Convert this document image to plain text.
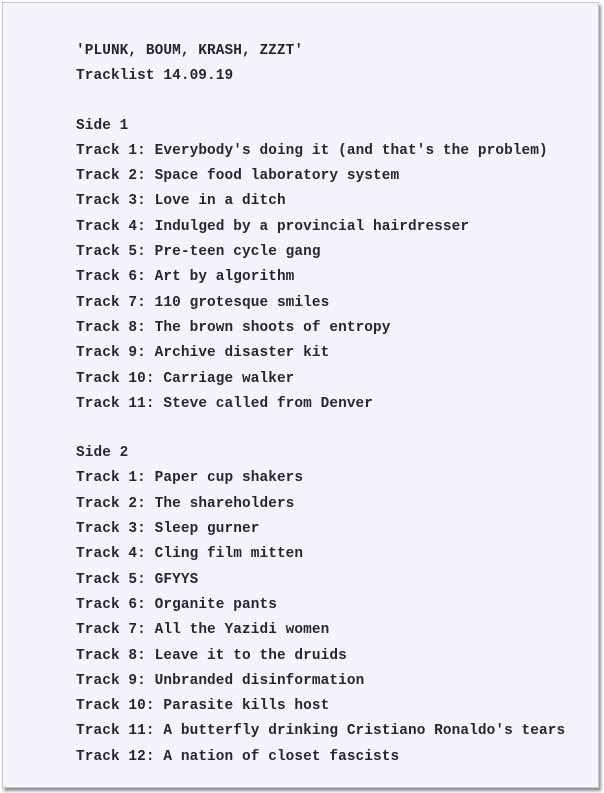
'PLUNK, BOUM, KRASH, ZZZT'
Tracklist 14.09.19
Side 1
Track 1: Everybody's doing it (and that's the problem)
Track 2: Space food laboratory system
Track 3: Love in a ditch
Track 4: Indulged by a provincial hairdresser
Track 5: Pre-teen cycle gang
Track 6: Art by algorithm
Track 7: 110 grotesque smiles
Track 8: The brown shoots of entropy
Track 9: Archive disaster kit
Track 10: Carriage walker
Track 11: Steve called from Denver
Side 2
Track 1: Paper cup shakers
Track 2: The shareholders
Track 3: Sleep gurner
Track 4: Cling film mitten
Track 5: GFYYS
Track 6: Organite pants
Track 7: All the Yazidi women
Track 8: Leave it to the druids
Track 9: Unbranded disinformation
Track 10: Parasite kills host
Track 11: A butterfly drinking Cristiano Ronaldo's tears
Track 12: A nation of closet fascists
